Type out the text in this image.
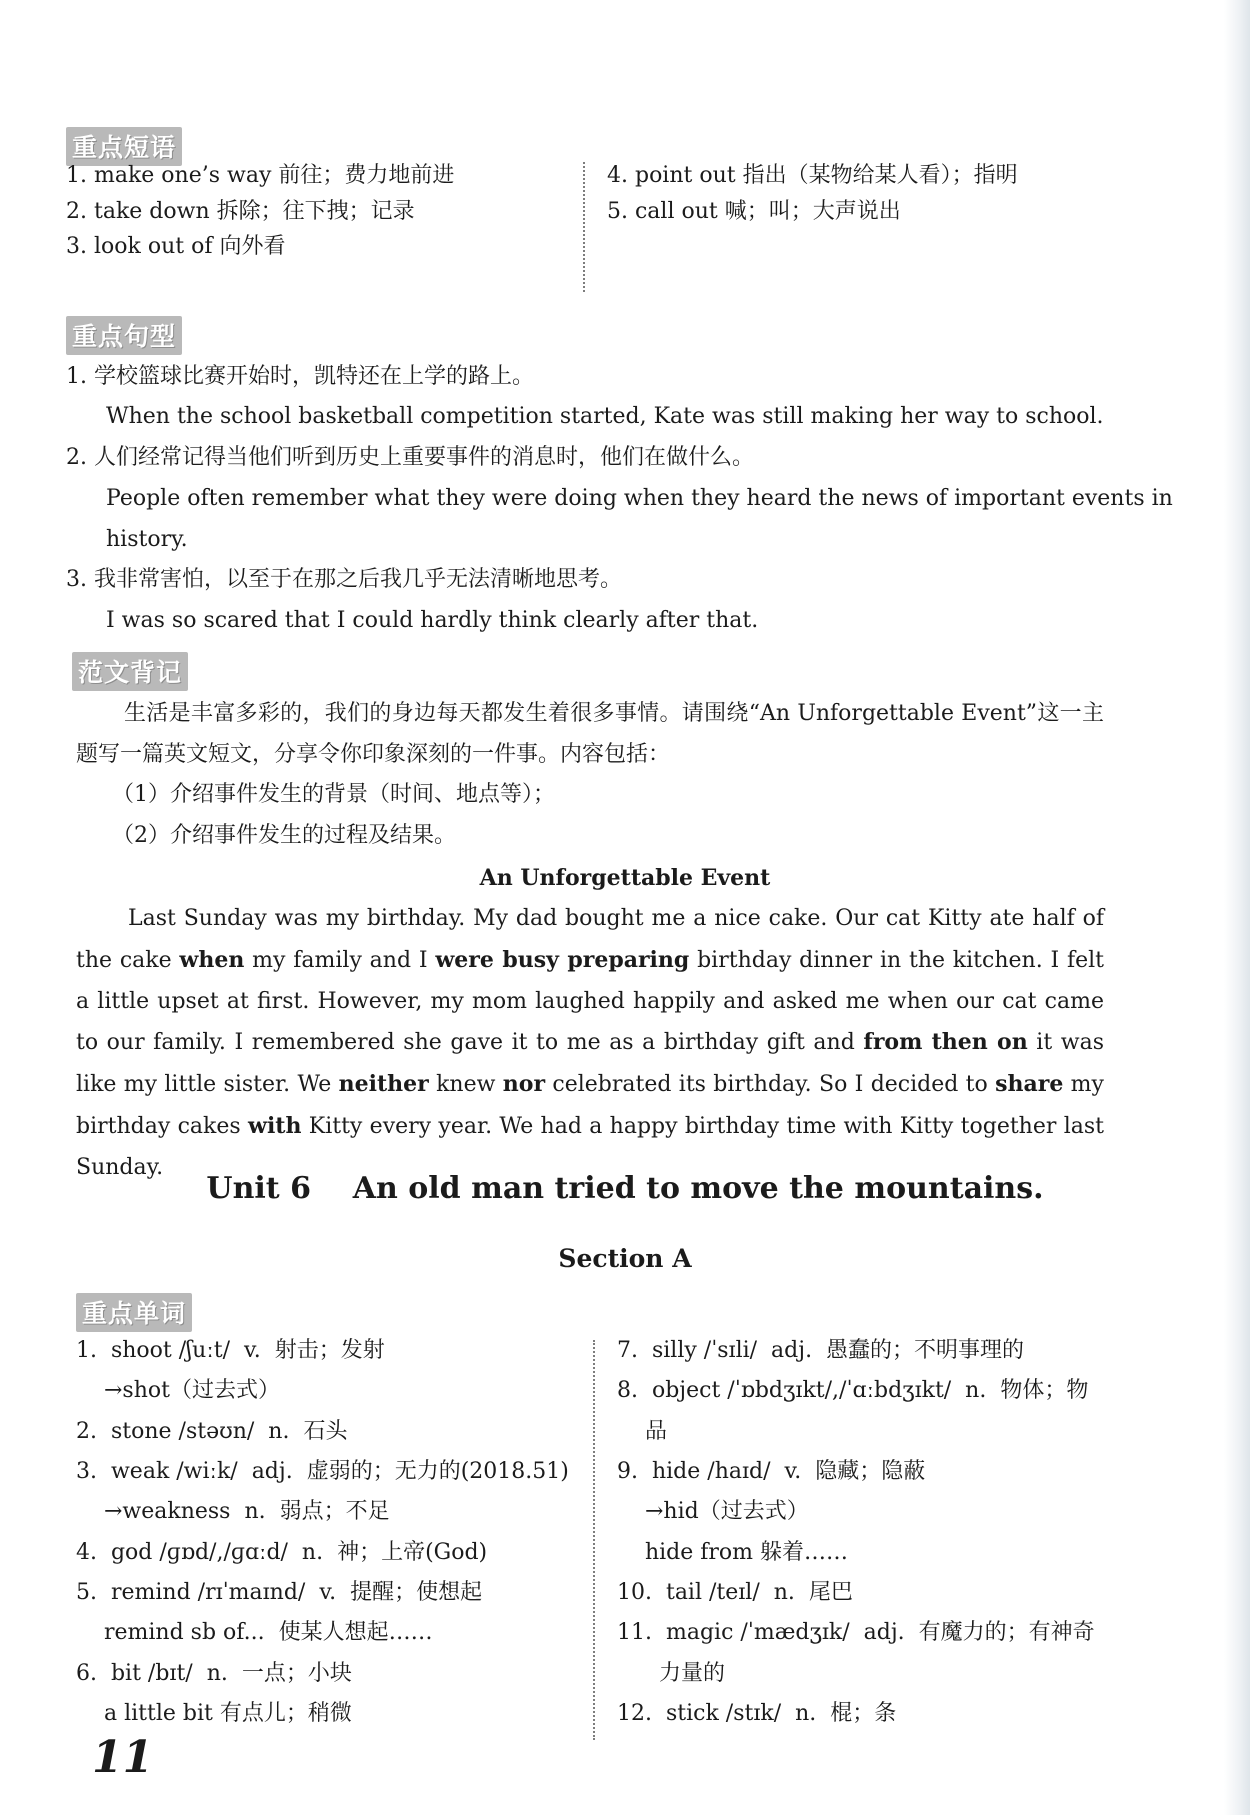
重点短语
1. make one’s way 前往；费力地前进
2. take down 拆除；往下拽；记录
3. look out of 向外看
4. point out 指出（某物给某人看）；指明
5. call out 喊；叫；大声说出
重点句型
1. 学校篮球比赛开始时，凯特还在上学的路上。
When the school basketball competition started, Kate was still making her way to school.
2. 人们经常记得当他们听到历史上重要事件的消息时，他们在做什么。
People often remember what they were doing when they heard the news of important events in
history.
3. 我非常害怕，以至于在那之后我几乎无法清晰地思考。
I was so scared that I could hardly think clearly after that.
范文背记
生活是丰富多彩的，我们的身边每天都发生着很多事情。请围绕“An Unforgettable Event”这一主题写一篇英文短文，分享令你印象深刻的一件事。内容包括：
（1）介绍事件发生的背景（时间、地点等）；
（2）介绍事件发生的过程及结果。
An Unforgettable Event
Last Sunday was my birthday. My dad bought me a nice cake. Our cat Kitty ate half of the cake when my family and I were busy preparing birthday dinner in the kitchen. I felt a little upset at first. However, my mom laughed happily and asked me when our cat came to our family. I remembered she gave it to me as a birthday gift and from then on it was like my little sister. We neither knew nor celebrated its birthday. So I decided to share my birthday cakes with Kitty every year. We had a happy birthday time with Kitty together last Sunday.
Unit 6    An old man tried to move the mountains.
Section A
重点单词
1.  shoot /ʃuːt/  v.  射击；发射
→shot（过去式）
2.  stone /stəʊn/  n.  石头
3.  weak /wiːk/  adj.  虚弱的；无力的(2018.51)
→weakness  n.  弱点；不足
4.  god /ɡɒd/,/ɡɑːd/  n.  神；上帝(God)
5.  remind /rɪˈmaɪnd/  v.  提醒；使想起
remind sb of...  使某人想起……
6.  bit /bɪt/  n.  一点；小块
a little bit 有点儿；稍微
7.  silly /ˈsɪli/  adj.  愚蠢的；不明事理的
8.  object /ˈɒbdʒɪkt/,/ˈɑːbdʒɪkt/  n.  物体；物
品
9.  hide /haɪd/  v.  隐藏；隐蔽
→hid（过去式）
hide from 躲着……
10.  tail /teɪl/  n.  尾巴
11.  magic /ˈmædʒɪk/  adj.  有魔力的；有神奇
力量的
12.  stick /stɪk/  n.  棍；条
11
